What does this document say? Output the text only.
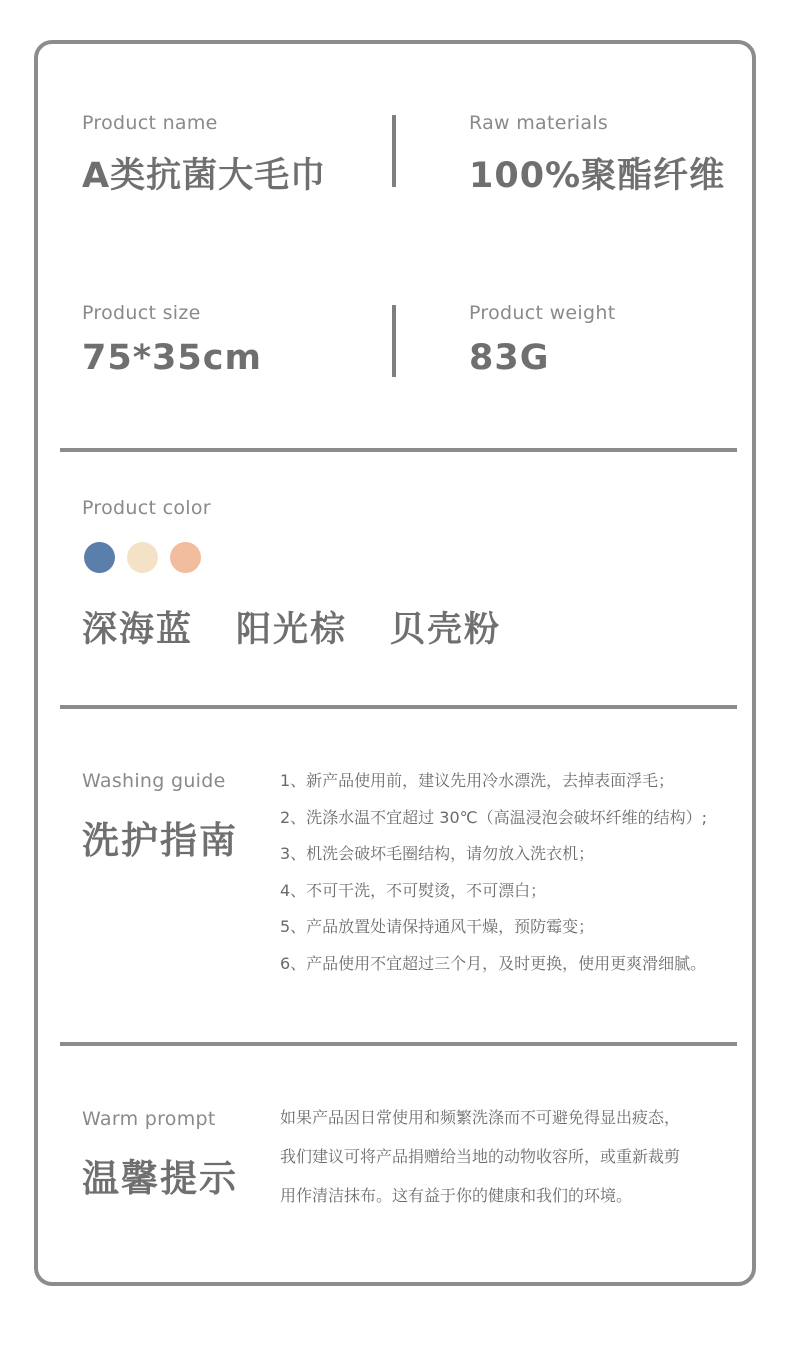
Product name
A类抗菌大毛巾
Raw materials
100%聚酯纤维
Product size
75*35cm
Product weight
83G
Product color
深海蓝 阳光棕 贝壳粉
Washing guide
洗护指南
1、新产品使用前，建议先用冷水漂洗，去掉表面浮毛；
2、洗涤水温不宜超过 30℃（高温浸泡会破坏纤维的结构）;
3、机洗会破坏毛圈结构，请勿放入洗衣机；
4、不可干洗，不可熨烫，不可漂白；
5、产品放置处请保持通风干燥，预防霉变；
6、产品使用不宜超过三个月，及时更换，使用更爽滑细腻。
Warm prompt
温馨提示

如果产品因日常使用和频繁洗涤而不可避免得显出疲态，

我们建议可将产品捐赠给当地的动物收容所，或重新裁剪

用作清洁抹布。这有益于你的健康和我们的环境。
